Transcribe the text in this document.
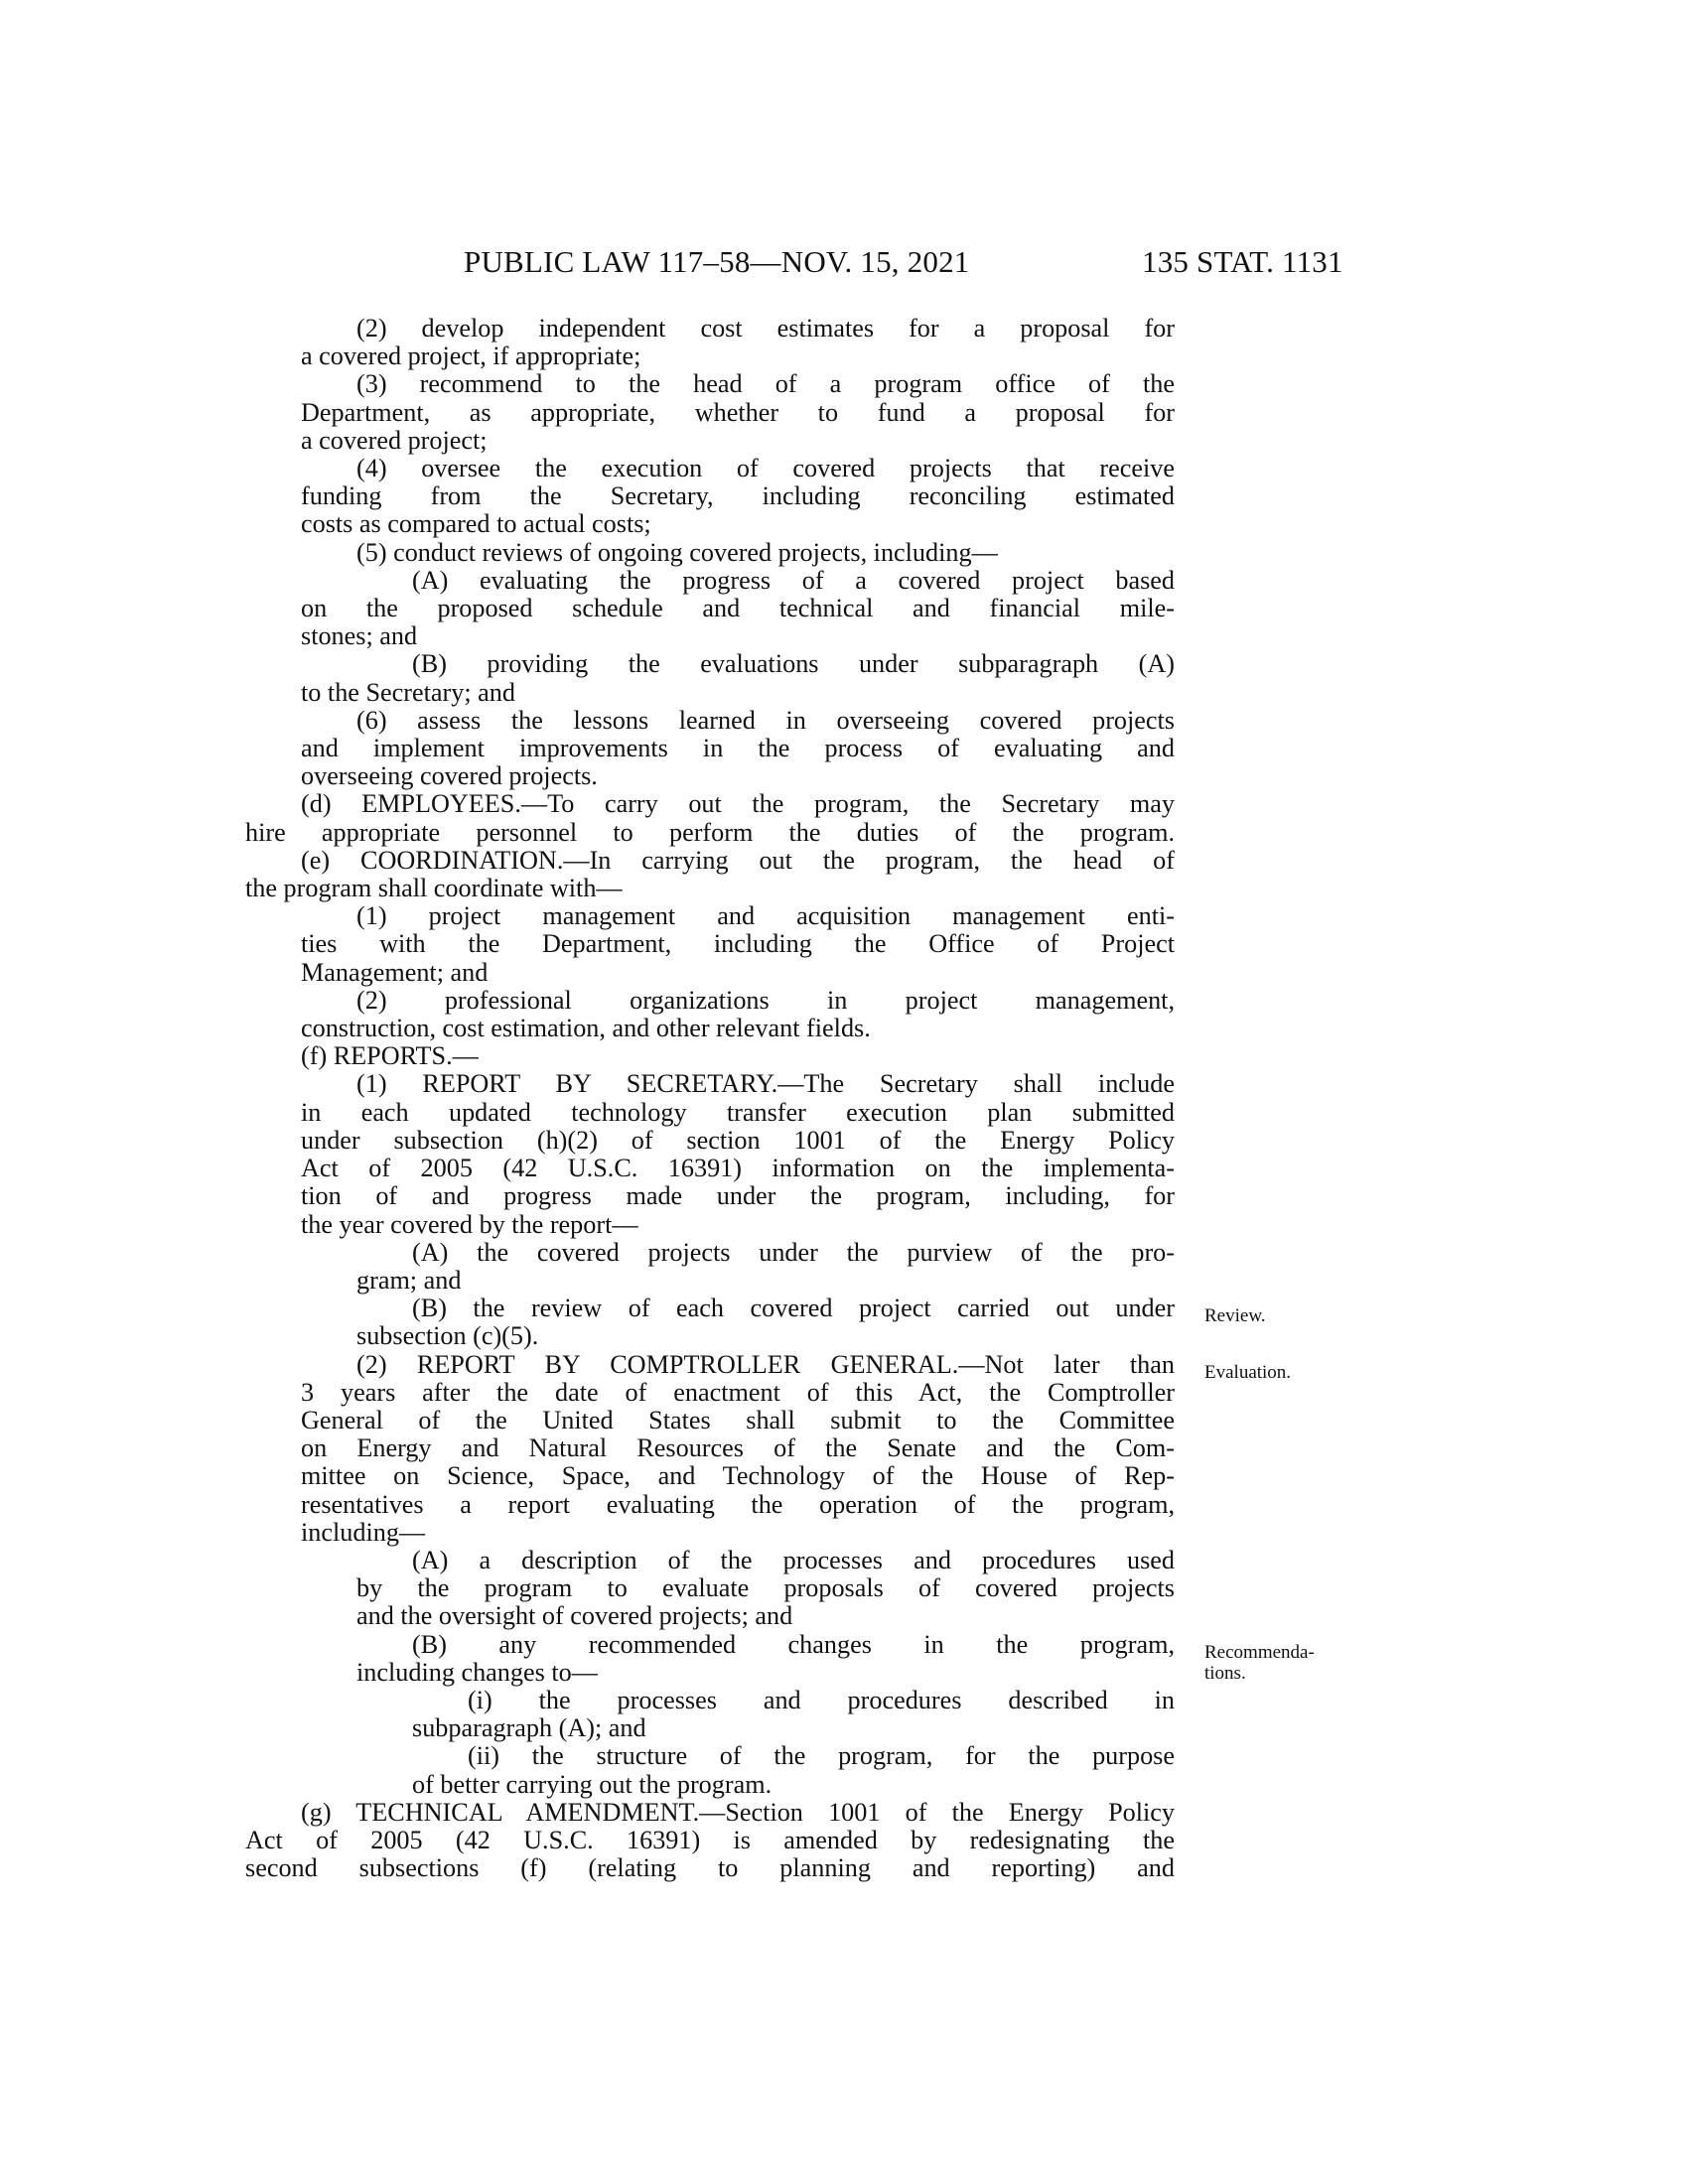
PUBLIC LAW 117–58—NOV. 15, 2021	135 STAT. 1131
(2) develop independent cost estimates for a proposal for
a covered project, if appropriate;
(3) recommend to the head of a program office of the
Department, as appropriate, whether to fund a proposal for
a covered project;
(4) oversee the execution of covered projects that receive
funding from the Secretary, including reconciling estimated
costs as compared to actual costs;
(5) conduct reviews of ongoing covered projects, including—
(A) evaluating the progress of a covered project based
on the proposed schedule and technical and financial mile-
stones; and
(B) providing the evaluations under subparagraph (A)
to the Secretary; and
(6) assess the lessons learned in overseeing covered projects
and implement improvements in the process of evaluating and
overseeing covered projects.
(d) EMPLOYEES.—To carry out the program, the Secretary may
hire appropriate personnel to perform the duties of the program.
(e) COORDINATION.—In carrying out the program, the head of
the program shall coordinate with—
(1) project management and acquisition management enti-
ties with the Department, including the Office of Project
Management; and
(2) professional organizations in project management,
construction, cost estimation, and other relevant fields.
(f) REPORTS.—
(1) REPORT BY SECRETARY.—The Secretary shall include
in each updated technology transfer execution plan submitted
under subsection (h)(2) of section 1001 of the Energy Policy
Act of 2005 (42 U.S.C. 16391) information on the implementa-
tion of and progress made under the program, including, for
the year covered by the report—
(A) the covered projects under the purview of the pro-
gram; and
(B) the review of each covered project carried out under
subsection (c)(5).
(2) REPORT BY COMPTROLLER GENERAL.—Not later than
3 years after the date of enactment of this Act, the Comptroller
General of the United States shall submit to the Committee
on Energy and Natural Resources of the Senate and the Com-
mittee on Science, Space, and Technology of the House of Rep-
resentatives a report evaluating the operation of the program,
including—
(A) a description of the processes and procedures used
by the program to evaluate proposals of covered projects
and the oversight of covered projects; and
(B) any recommended changes in the program,
including changes to—
(i) the processes and procedures described in
subparagraph (A); and
(ii) the structure of the program, for the purpose
of better carrying out the program.
(g) TECHNICAL AMENDMENT.—Section 1001 of the Energy Policy
Act of 2005 (42 U.S.C. 16391) is amended by redesignating the
second subsections (f) (relating to planning and reporting) and
Review.
Evaluation.
Recommenda-
tions.
